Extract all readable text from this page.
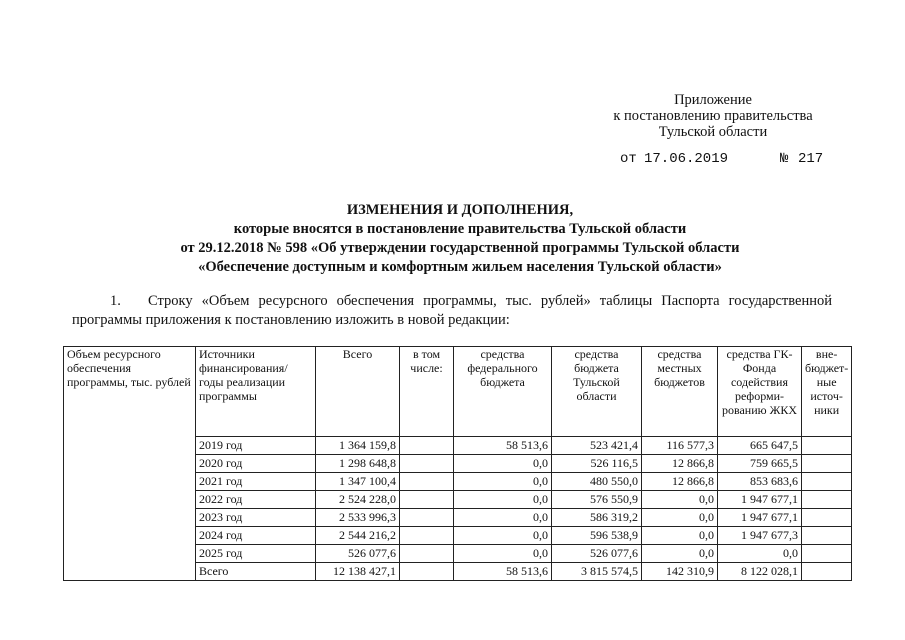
Приложение
к постановлению правительства
Тульской области
от 17.06.2019	№ 217
ИЗМЕНЕНИЯ И ДОПОЛНЕНИЯ,
которые вносятся в постановление правительства Тульской области
от 29.12.2018 № 598 «Об утверждении государственной программы Тульской области
«Обеспечение доступным и комфортным жильем населения Тульской области»
1. Строку «Объем ресурсного обеспечения программы, тыс. рублей» таблицы Паспорта государственной
программы приложения к постановлению изложить в новой редакции:
Объем ресурсного обеспечения программы, тыс. рублей	Источники финансирования/ годы реализации программы	Всего	в том числе:	средства федерального бюджета	средства бюджета Тульской области	средства местных бюджетов	средства ГК-Фонда содействия реформи-рованию ЖКХ	вне-бюджет-ные источ-ники
	2019 год	1 364 159,8		58 513,6	523 421,4	116 577,3	665 647,5	
	2020 год	1 298 648,8		0,0	526 116,5	12 866,8	759 665,5	
	2021 год	1 347 100,4		0,0	480 550,0	12 866,8	853 683,6	
	2022 год	2 524 228,0		0,0	576 550,9	0,0	1 947 677,1	
	2023 год	2 533 996,3		0,0	586 319,2	0,0	1 947 677,1	
	2024 год	2 544 216,2		0,0	596 538,9	0,0	1 947 677,3	
	2025 год	526 077,6		0,0	526 077,6	0,0	0,0	
	Всего	12 138 427,1		58 513,6	3 815 574,5	142 310,9	8 122 028,1	
